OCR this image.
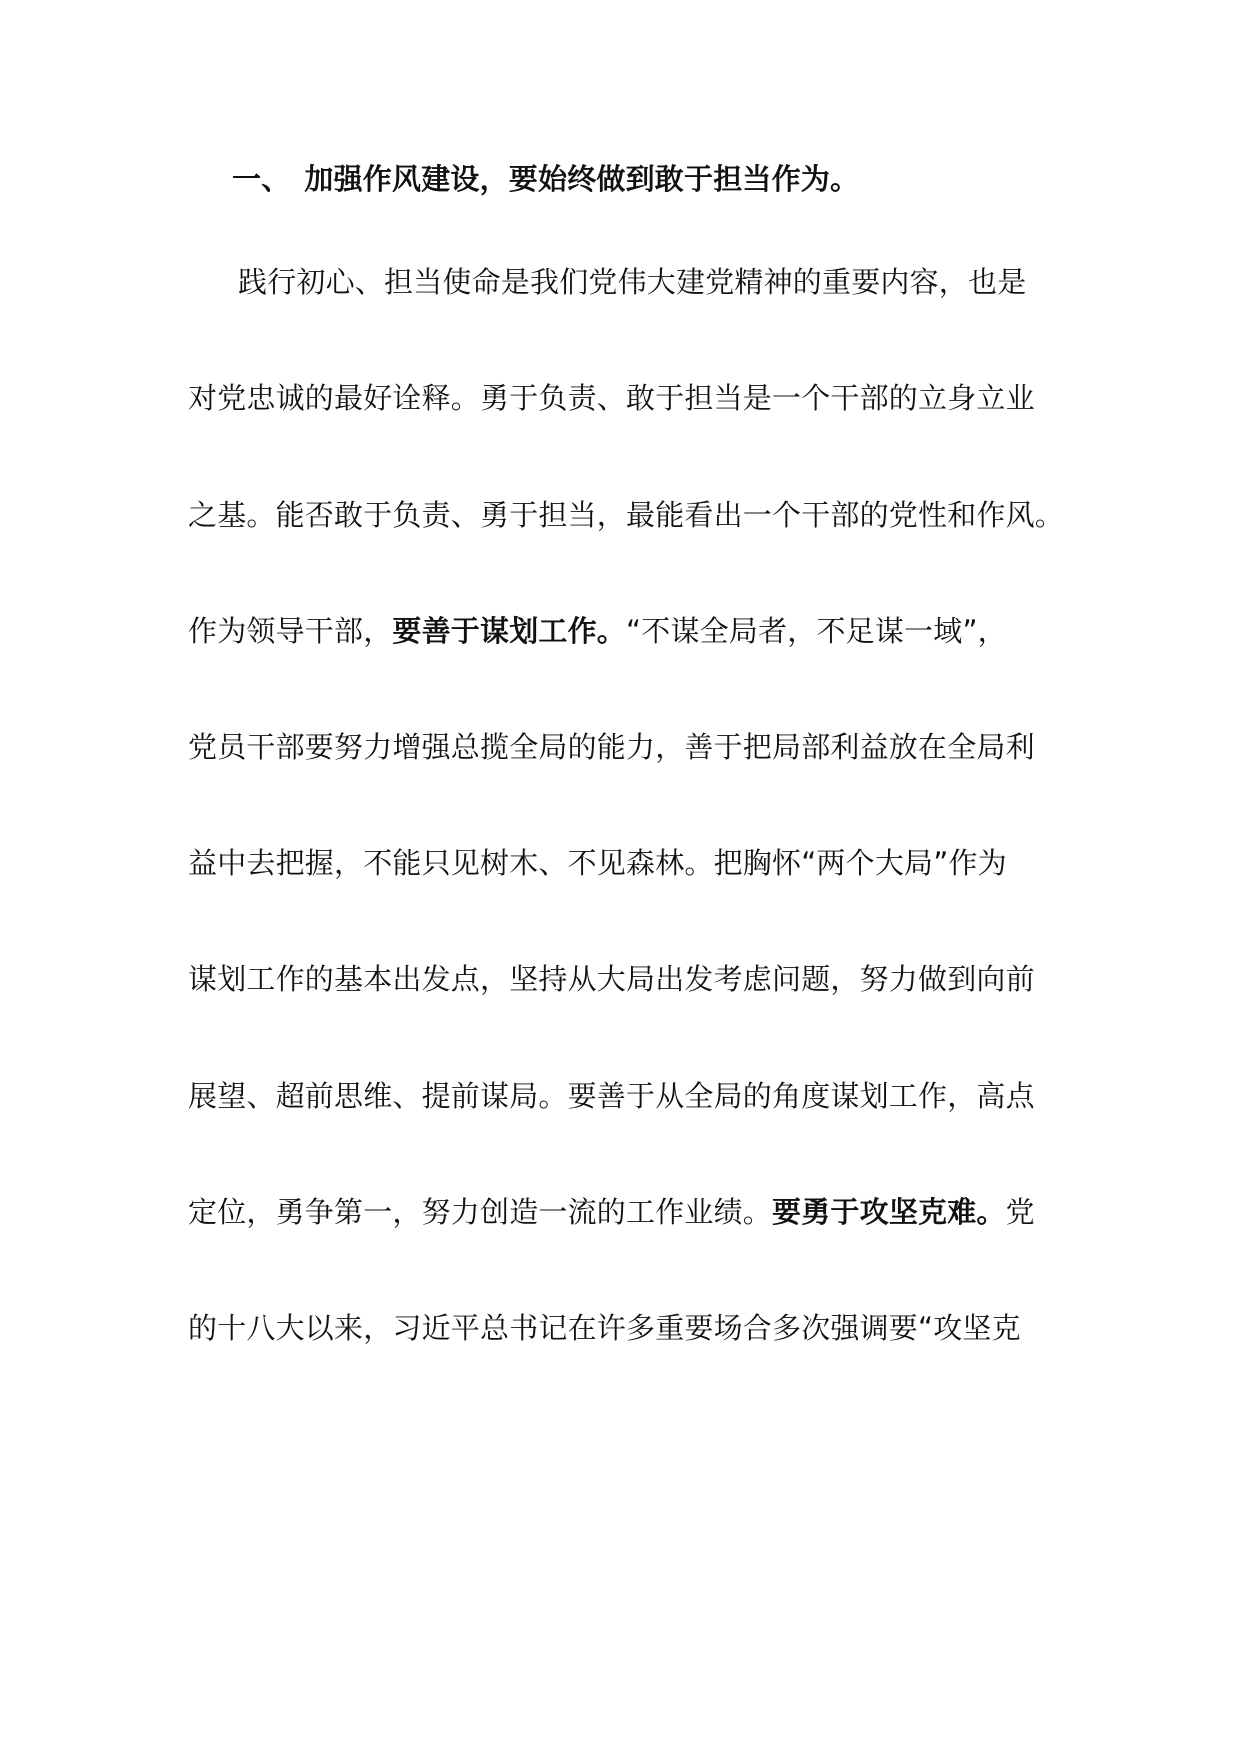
一、 加强作风建设，要始终做到敢于担当作为。
践行初心、担当使命是我们党伟大建党精神的重要内容，也是
对党忠诚的最好诠释。勇于负责、敢于担当是一个干部的立身立业
之基。能否敢于负责、勇于担当，最能看出一个干部的党性和作风。
作为领导干部，要善于谋划工作。“不谋全局者，不足谋一域”，
党员干部要努力增强总揽全局的能力，善于把局部利益放在全局利
益中去把握，不能只见树木、不见森林。把胸怀“两个大局”作为
谋划工作的基本出发点，坚持从大局出发考虑问题，努力做到向前
展望、超前思维、提前谋局。要善于从全局的角度谋划工作，高点
定位，勇争第一，努力创造一流的工作业绩。要勇于攻坚克难。党
的十八大以来，习近平总书记在许多重要场合多次强调要“攻坚克
